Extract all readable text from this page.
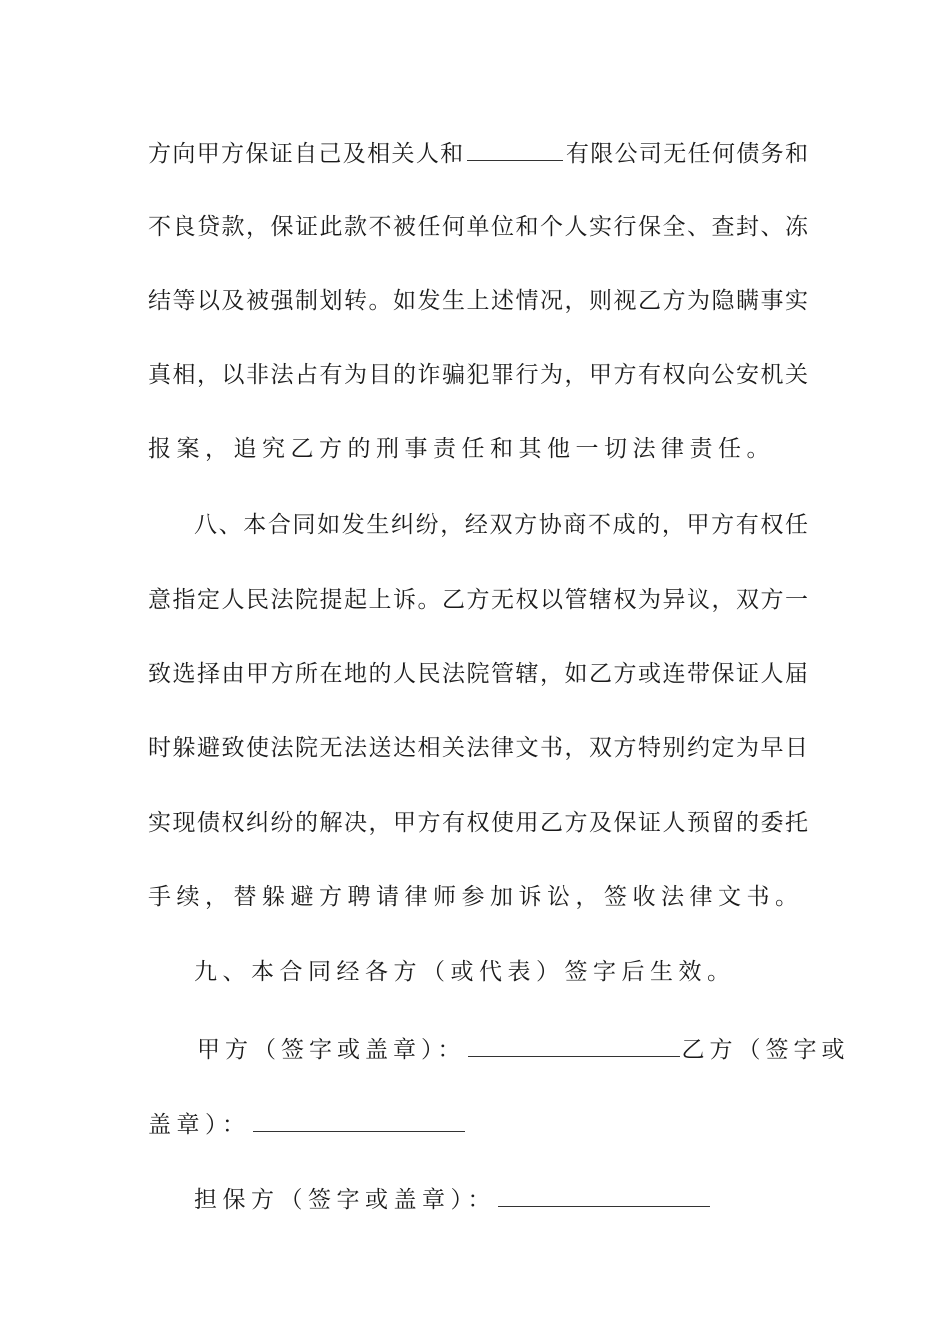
方向甲方保证自己及相关人和	有限公司无任何债务和
不良贷款，保证此款不被任何单位和个人实行保全、查封、冻
结等以及被强制划转。如发生上述情况，则视乙方为隐瞒事实
真相，以非法占有为目的诈骗犯罪行为，甲方有权向公安机关
报案，追究乙方的刑事责任和其他一切法律责任。
八、本合同如发生纠纷，经双方协商不成的，甲方有权任
意指定人民法院提起上诉。乙方无权以管辖权为异议，双方一
致选择由甲方所在地的人民法院管辖，如乙方或连带保证人届
时躲避致使法院无法送达相关法律文书，双方特别约定为早日
实现债权纠纷的解决，甲方有权使用乙方及保证人预留的委托
手续，替躲避方聘请律师参加诉讼，签收法律文书。
九、本合同经各方（或代表）签字后生效。
甲方（签字或盖章）：	乙方（签字或
盖章）：
担保方（签字或盖章）：
